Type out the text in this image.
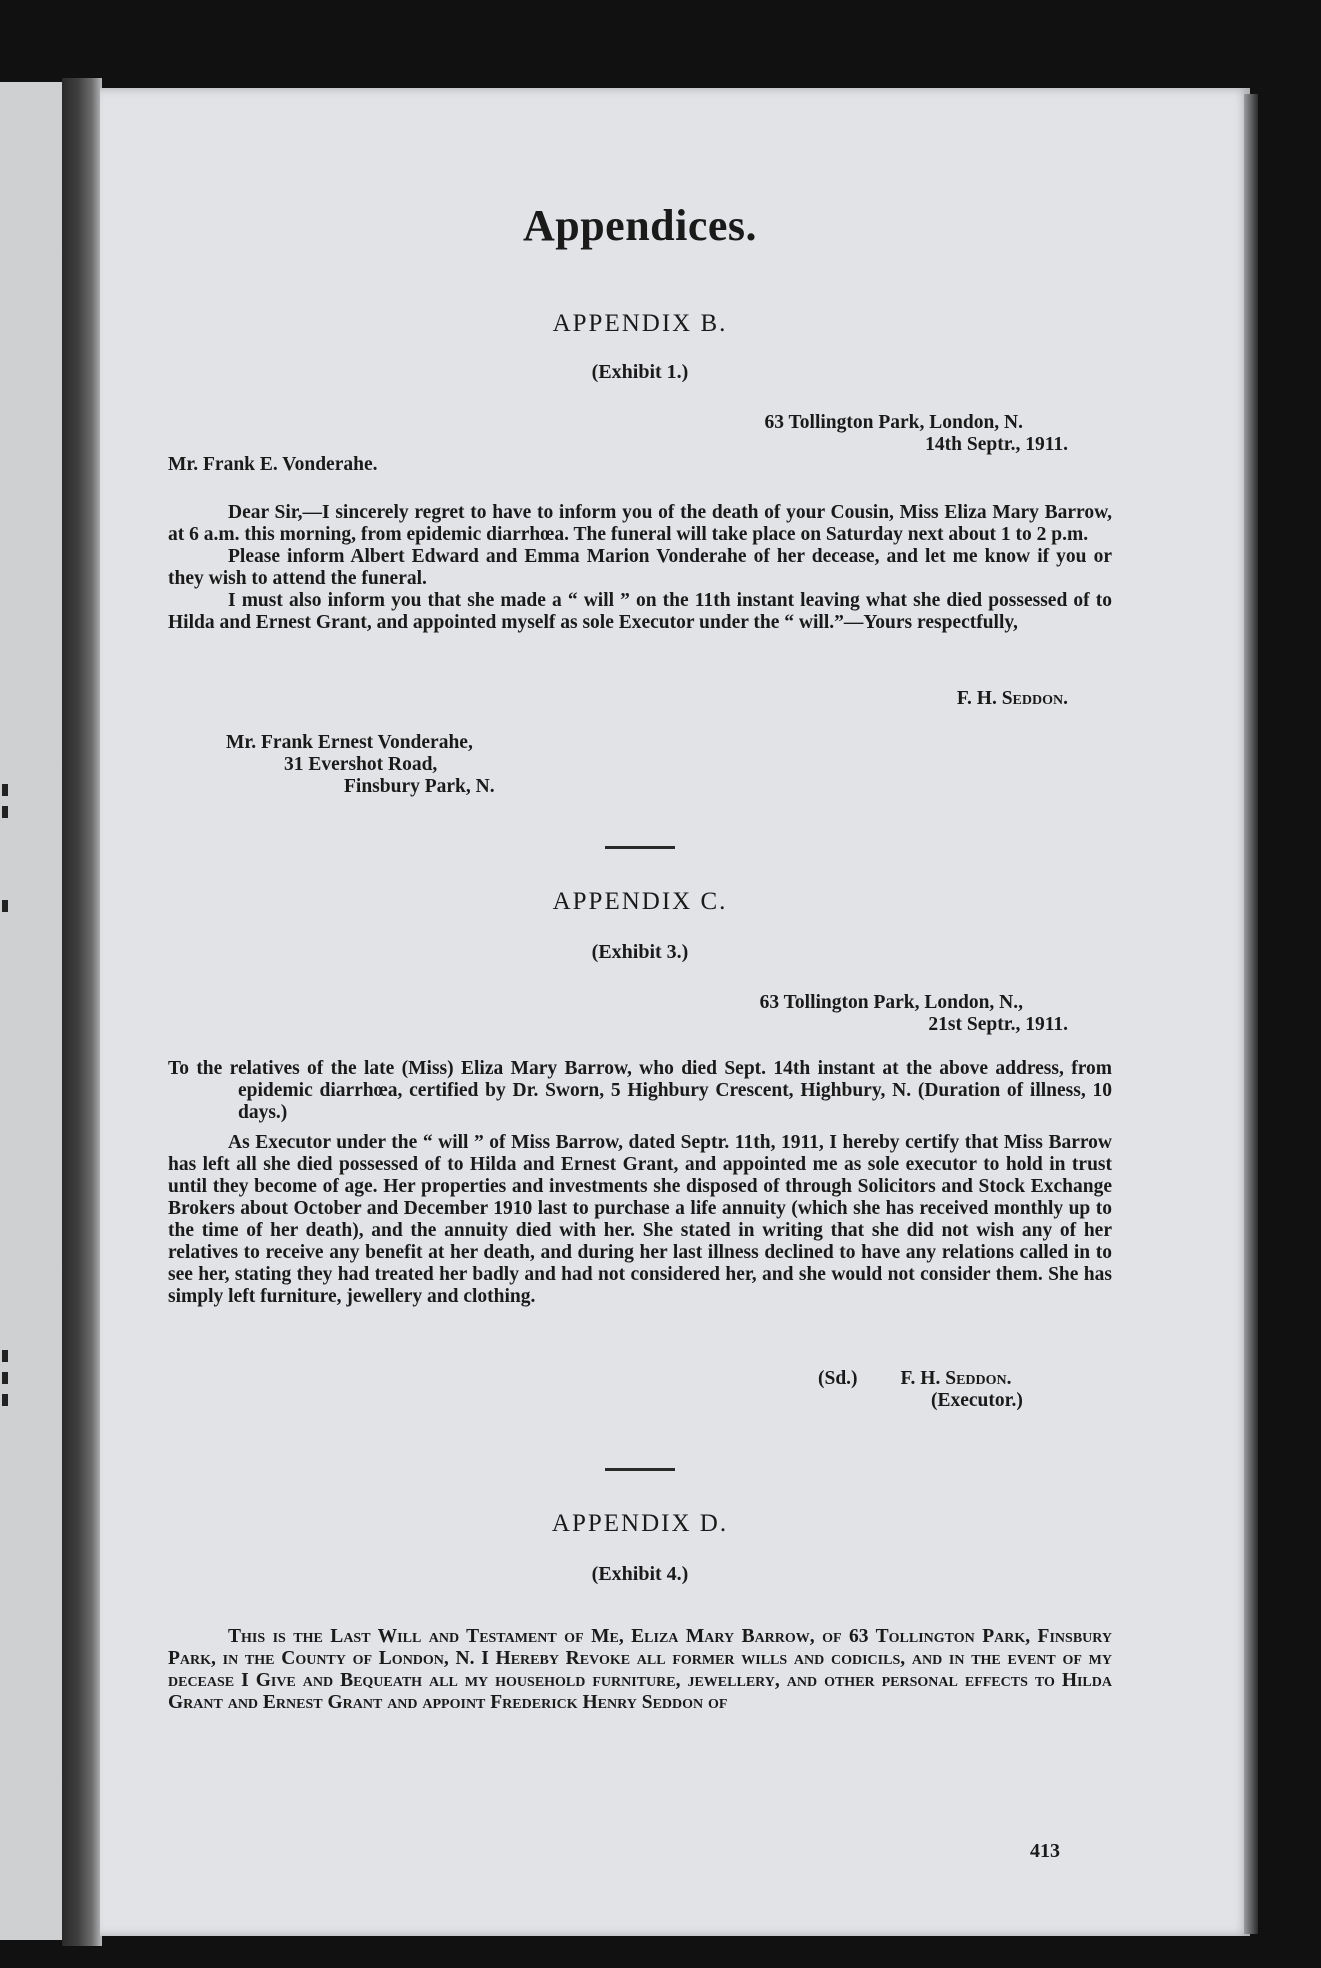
Appendices.
APPENDIX B.
(Exhibit 1.)
63 Tollington Park, London, N.
14th Septr., 1911.
Mr. Frank E. Vonderahe.

Dear Sir,—I sincerely regret to have to inform you of the death of your Cousin, Miss Eliza Mary Barrow, at 6 a.m. this morning, from epidemic diarrhœa. The funeral will take place on Saturday next about 1 to 2 p.m.

Please inform Albert Edward and Emma Marion Vonderahe of her decease, and let me know if you or they wish to attend the funeral.

I must also inform you that she made a “ will ” on the 11th instant leaving what she died possessed of to Hilda and Ernest Grant, and appointed myself as sole Executor under the “ will.”—Yours respectfully,

F. H. Seddon.
Mr. Frank Ernest Vonderahe,
31 Evershot Road,
Finsbury Park, N.
APPENDIX C.
(Exhibit 3.)
63 Tollington Park, London, N.,
21st Septr., 1911.

To the relatives of the late (Miss) Eliza Mary Barrow, who died Sept. 14th instant at the above address, from epidemic diarrhœa, certified by Dr. Sworn, 5 Highbury Crescent, Highbury, N. (Duration of illness, 10 days.)

As Executor under the “ will ” of Miss Barrow, dated Septr. 11th, 1911, I hereby certify that Miss Barrow has left all she died possessed of to Hilda and Ernest Grant, and appointed me as sole executor to hold in trust until they become of age. Her properties and investments she disposed of through Solicitors and Stock Exchange Brokers about October and December 1910 last to purchase a life annuity (which she has received monthly up to the time of her death), and the annuity died with her. She stated in writing that she did not wish any of her relatives to receive any benefit at her death, and during her last illness declined to have any relations called in to see her, stating they had treated her badly and had not considered her, and she would not consider them. She has simply left furniture, jewellery and clothing.

(Sd.) F. H. Seddon.
(Executor.)
APPENDIX D.
(Exhibit 4.)

This is the Last Will and Testament of Me, Eliza Mary Barrow, of 63 Tollington Park, Finsbury Park, in the County of London, N. I Hereby Revoke all former wills and codicils, and in the event of my decease I Give and Bequeath all my household furniture, jewellery, and other personal effects to Hilda Grant and Ernest Grant and appoint Frederick Henry Seddon of

413
